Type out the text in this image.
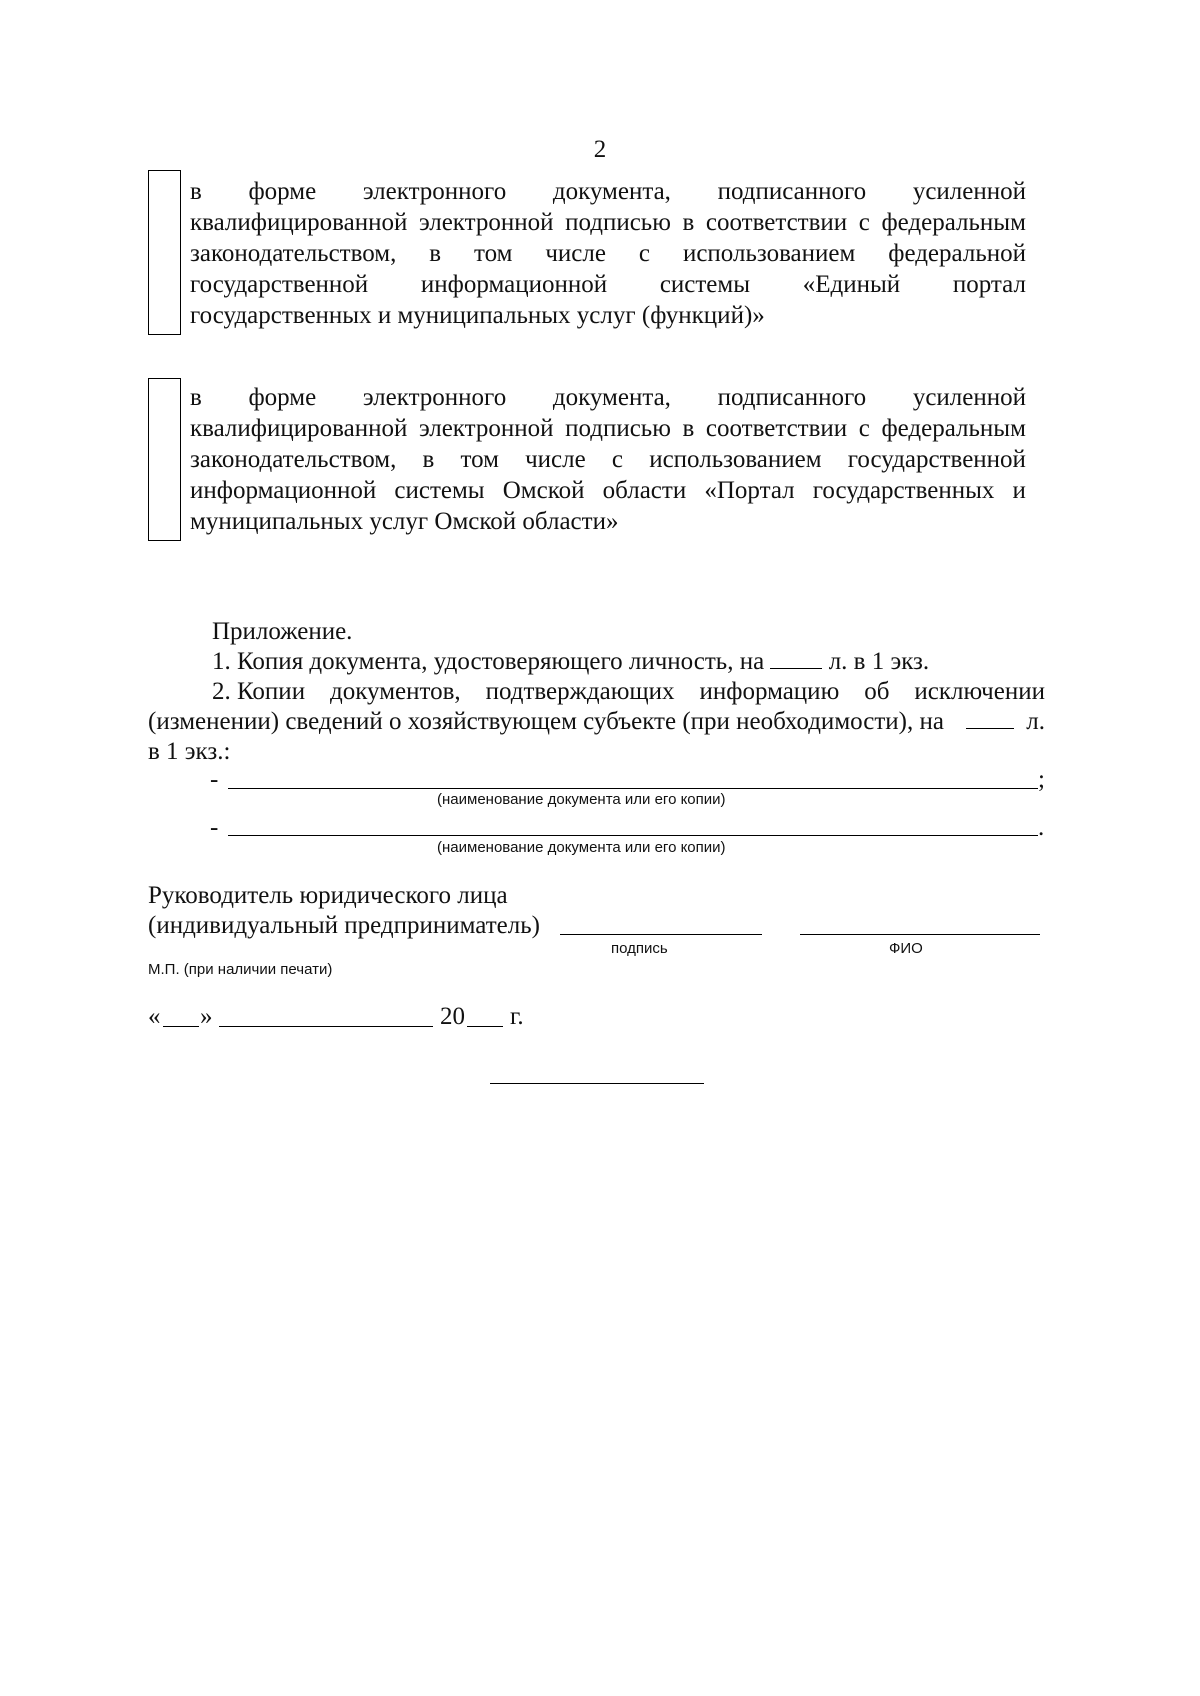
2
в форме электронного документа, подписанного усиленной
квалифицированной электронной подписью в соответствии с федеральным
законодательством, в том числе с использованием федеральной
государственной информационной системы «Единый портал
государственных и муниципальных услуг (функций)»
в форме электронного документа, подписанного усиленной
квалифицированной электронной подписью в соответствии с федеральным
законодательством, в том числе с использованием государственной
информационной системы Омской области «Портал государственных и
муниципальных услуг Омской области»
Приложение.
1. Копия документа, удостоверяющего личность, на	л. в 1 экз.
2. Копии документов, подтверждающих информацию об исключении
(изменении) сведений о хозяйствующем субъекте (при необходимости), на	л.
в 1 экз.:
-	;
(наименование документа или его копии)
-	.
(наименование документа или его копии)
Руководитель юридического лица
(индивидуальный предприниматель)
подпись	ФИО
М.П. (при наличии печати)
« »	20 г.
